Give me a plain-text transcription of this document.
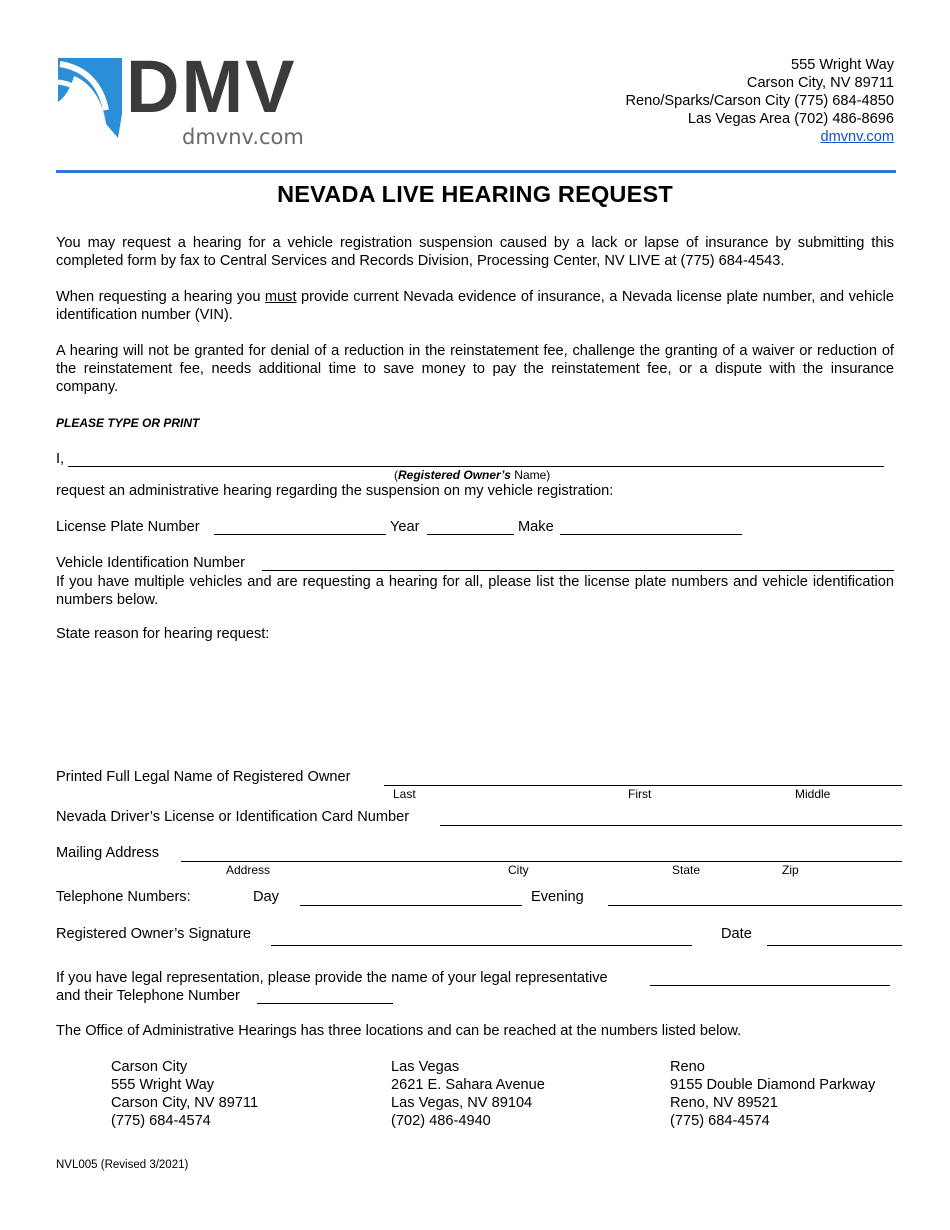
DMV
dmvnv.com
555 Wright Way
Carson City, NV 89711
Reno/Sparks/Carson City (775) 684-4850
Las Vegas Area (702) 486-8696
dmvnv.com
NEVADA LIVE HEARING REQUEST
You may request a hearing for a vehicle registration suspension caused by a lack or lapse of insurance by submitting this completed form by fax to Central Services and Records Division, Processing Center, NV LIVE at (775) 684-4543.
When requesting a hearing you must provide current Nevada evidence of insurance, a Nevada license plate number, and vehicle identification number (VIN).
A hearing will not be granted for denial of a reduction in the reinstatement fee, challenge the granting of a waiver or reduction of the reinstatement fee, needs additional time to save money to pay the reinstatement fee, or a dispute with the insurance company.
PLEASE TYPE OR PRINT
I,
(Registered Owner’s Name)
request an administrative hearing regarding the suspension on my vehicle registration:
License Plate Number	Year	Make
Vehicle Identification Number
If you have multiple vehicles and are requesting a hearing for all, please list the license plate numbers and vehicle identification numbers below.
State reason for hearing request:
Printed Full Legal Name of Registered Owner
Last	First	Middle
Nevada Driver’s License or Identification Card Number
Mailing Address
Address	City	State	Zip
Telephone Numbers:	Day	Evening
Registered Owner’s Signature	Date
If you have legal representation, please provide the name of your legal representative
and their Telephone Number
The Office of Administrative Hearings has three locations and can be reached at the numbers listed below.
Carson City
555 Wright Way
Carson City, NV 89711
(775) 684-4574
Las Vegas
2621 E. Sahara Avenue
Las Vegas, NV 89104
(702) 486-4940
Reno
9155 Double Diamond Parkway
Reno, NV 89521
(775) 684-4574
NVL005 (Revised 3/2021)
